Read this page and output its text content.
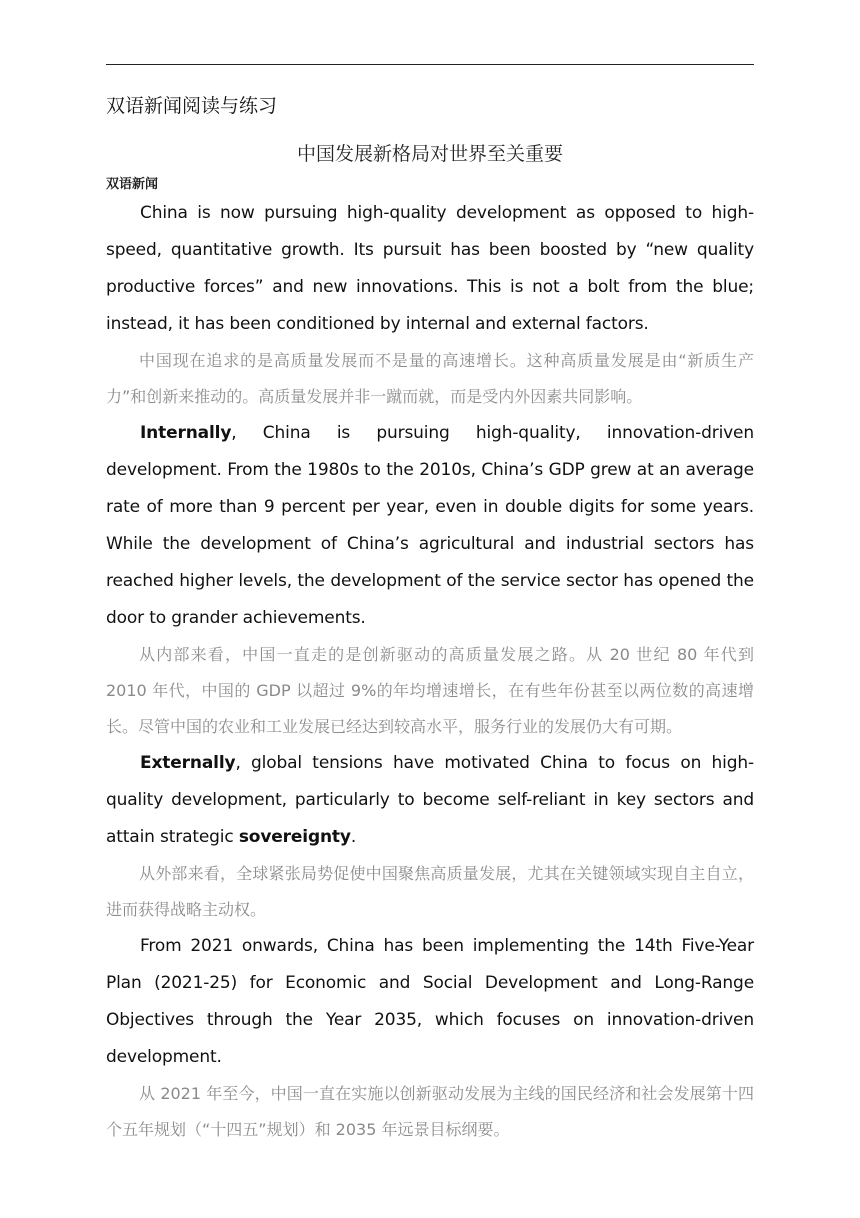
双语新闻阅读与练习
中国发展新格局对世界至关重要
双语新闻

China is now pursuing high-quality development as opposed to high-speed, quantitative growth. Its pursuit has been boosted by “new quality productive forces” and new innovations. This is not a bolt from the blue; instead, it has been conditioned by internal and external factors.

中国现在追求的是高质量发展而不是量的高速增长。这种高质量发展是由“新质生产力”和创新来推动的。高质量发展并非一蹴而就，而是受内外因素共同影响。

Internally, China is pursuing high-quality, innovation-driven development. From the 1980s to the 2010s, China’s GDP grew at an average rate of more than 9 percent per year, even in double digits for some years. While the development of China’s agricultural and industrial sectors has reached higher levels, the development of the service sector has opened the door to grander achievements.

从内部来看，中国一直走的是创新驱动的高质量发展之路。从 20 世纪 80 年代到 2010 年代，中国的 GDP 以超过 9%的年均增速增长，在有些年份甚至以两位数的高速增长。尽管中国的农业和工业发展已经达到较高水平，服务行业的发展仍大有可期。

Externally, global tensions have motivated China to focus on high-quality development, particularly to become self-reliant in key sectors and attain strategic sovereignty.

从外部来看，全球紧张局势促使中国聚焦高质量发展，尤其在关键领域实现自主自立，进而获得战略主动权。

From 2021 onwards, China has been implementing the 14th Five-Year Plan (2021-25) for Economic and Social Development and Long-Range Objectives through the Year 2035, which focuses on innovation-driven development.

从 2021 年至今，中国一直在实施以创新驱动发展为主线的国民经济和社会发展第十四个五年规划（“十四五”规划）和 2035 年远景目标纲要。
